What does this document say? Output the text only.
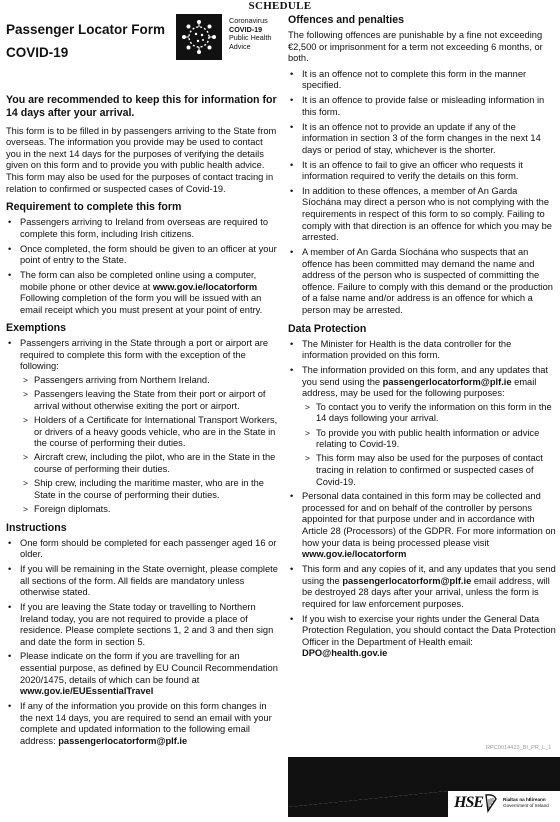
SCHEDULE
Passenger Locator Form
COVID-19
Coronavirus
COVID-19
Public Health
Advice

You are recommended to keep this for information for 14 days after your arrival.

This form is to be filled in by passengers arriving to the State from overseas. The information you provide may be used to contact you in the next 14 days for the purposes of verifying the details given on this form and to provide you with public health advice. This form may also be used for the purposes of contact tracing in relation to confirmed or suspected cases of Covid-19.

Requirement to complete this form
• Passengers arriving to Ireland from overseas are required to complete this form, including Irish citizens.
• Once completed, the form should be given to an officer at your point of entry to the State.
• The form can also be completed online using a computer, mobile phone or other device at www.gov.ie/locatorform Following completion of the form you will be issued with an email receipt which you must present at your point of entry.
Exemptions
• Passengers arriving in the State through a port or airport are required to complete this form with the exception of the following:
> Passengers arriving from Northern Ireland.
> Passengers leaving the State from their port or airport of arrival without otherwise exiting the port or airport.
> Holders of a Certificate for International Transport Workers, or drivers of a heavy goods vehicle, who are in the State in the course of performing their duties.
> Aircraft crew, including the pilot, who are in the State in the course of performing their duties.
> Ship crew, including the maritime master, who are in the State in the course of performing their duties.
> Foreign diplomats.
Instructions
• One form should be completed for each passenger aged 16 or older.
• If you will be remaining in the State overnight, please complete all sections of the form. All fields are mandatory unless otherwise stated.
• If you are leaving the State today or travelling to Northern Ireland today, you are not required to provide a place of residence. Please complete sections 1, 2 and 3 and then sign and date the form in section 5.
• Please indicate on the form if you are travelling for an essential purpose, as defined by EU Council Recommendation 2020/1475, details of which can be found at www.gov.ie/EUEssentialTravel
• If any of the information you provide on this form changes in the next 14 days, you are required to send an email with your complete and updated information to the following email address: passengerlocatorform@plf.ie
Offences and penalties

The following offences are punishable by a fine not exceeding €2,500 or imprisonment for a term not exceeding 6 months, or both.

• It is an offence not to complete this form in the manner specified.
• It is an offence to provide false or misleading information in this form.
• It is an offence not to provide an update if any of the information in section 3 of the form changes in the next 14 days or period of stay, whichever is the shorter.
• It is an offence to fail to give an officer who requests it information required to verify the details on this form.
• In addition to these offences, a member of An Garda Síochána may direct a person who is not complying with the requirements in respect of this form to so comply. Failing to comply with that direction is an offence for which you may be arrested.
• A member of An Garda Síochána who suspects that an offence has been committed may demand the name and address of the person who is suspected of committing the offence. Failure to comply with this demand or the production of a false name and/or address is an offence for which a person may be arrested.
Data Protection
• The Minister for Health is the data controller for the information provided on this form.
• The information provided on this form, and any updates that you send using the passengerlocatorform@plf.ie email address, may be used for the following purposes:
> To contact you to verify the information on this form in the 14 days following your arrival.
> To provide you with public health information or advice relating to Covid-19.
> This form may also be used for the purposes of contact tracing in relation to confirmed or suspected cases of Covid-19.
• Personal data contained in this form may be collected and processed for and on behalf of the controller by persons appointed for that purpose under and in accordance with Article 28 (Processors) of the GDPR. For more information on how your data is being processed please visit www.gov.ie/locatorform
• This form and any copies of it, and any updates that you send using the passengerlocatorform@plf.ie email address, will be destroyed 28 days after your arrival, unless the form is required for law enforcement purposes.
• If you wish to exercise your rights under the General Data Protection Regulation, you should contact the Data Protection Officer in the Department of Health email: DPO@health.gov.ie
RPC0014423_BI_PR_L_1
HSE	Rialtas na hÉireann
Government of Ireland
